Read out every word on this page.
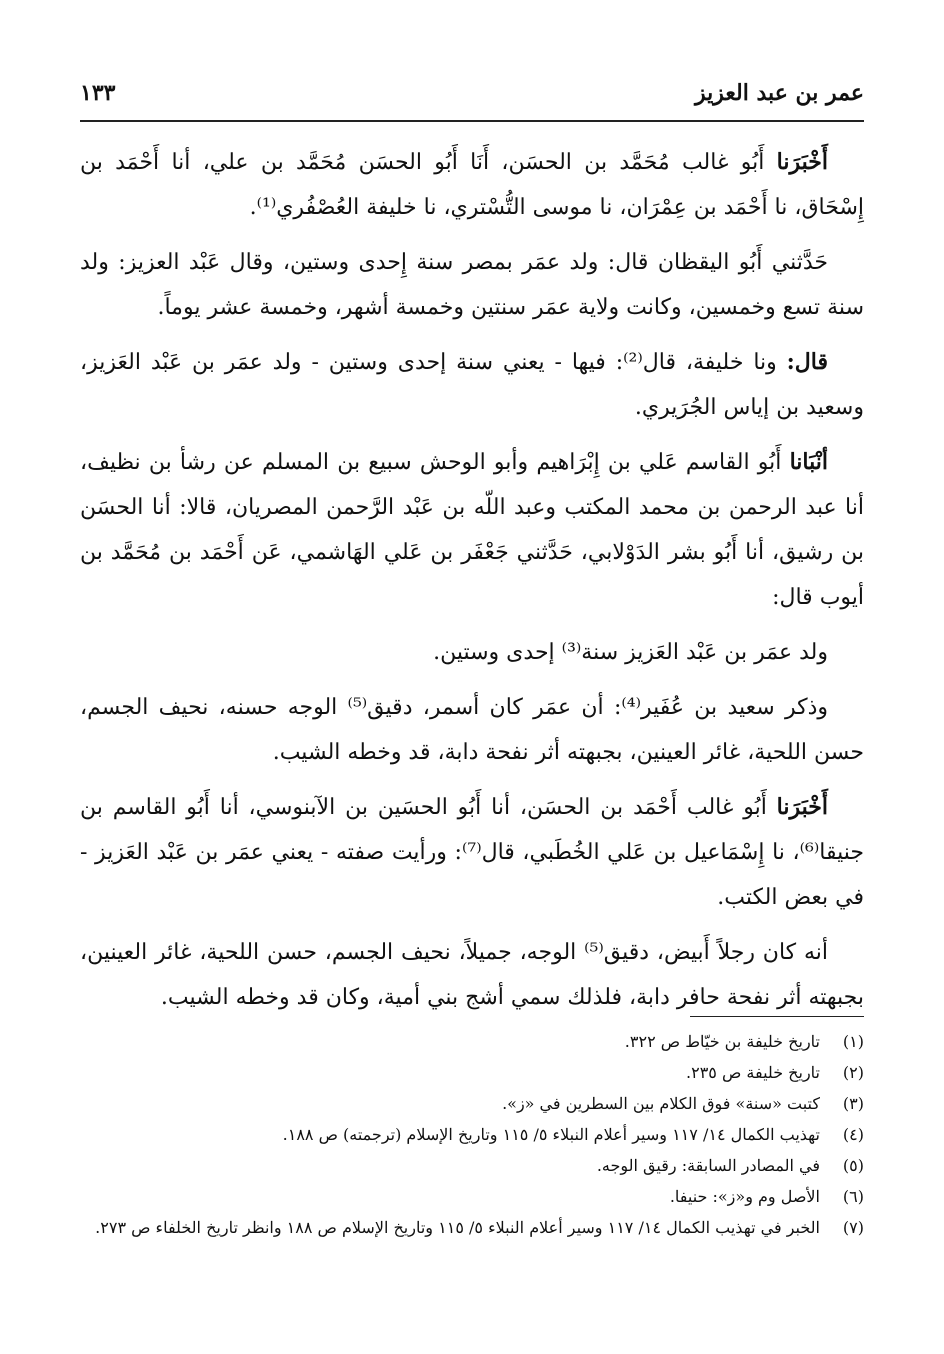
عمر بن عبد العزيز
١٣٣

أَخْبَرَنا أَبُو غالب مُحَمَّد بن الحسَن، أَنَا أَبُو الحسَن مُحَمَّد بن علي، أنا أَحْمَد بن إِسْحَاق، نا أَحْمَد بن عِمْرَان، نا موسى التُّسْتري، نا خليفة العُصْفُري⁽¹⁾.

حَدَّثني أَبُو اليقظان قال: ولد عمَر بمصر سنة إِحدى وستين، وقال عَبْد العزيز: ولد سنة تسع وخمسين، وكانت ولاية عمَر سنتين وخمسة أشهر، وخمسة عشر يوماً.

قال: ونا خليفة، قال⁽²⁾: فيها - يعني سنة إحدى وستين - ولد عمَر بن عَبْد العَزيز، وسعيد بن إياس الجُرَيري.

أنْبَانا أَبُو القاسم عَلي بن إِبْرَاهيم وأبو الوحش سبيع بن المسلم عن رشأ بن نظيف، أنا عبد الرحمن بن محمد المكتب وعبد اللّه بن عَبْد الرَّحمن المصريان، قالا: أنا الحسَن بن رشيق، أنا أَبُو بشر الدَوْلابي، حَدَّثني جَعْفَر بن عَلي الهَاشمي، عَن أَحْمَد بن مُحَمَّد بن أيوب قال:

ولد عمَر بن عَبْد العَزيز سنة⁽³⁾ إحدى وستين.

وذكر سعيد بن عُفَير⁽⁴⁾: أن عمَر كان أسمر، دقيق⁽⁵⁾ الوجه حسنه، نحيف الجسم، حسن اللحية، غائر العينين، بجبهته أثر نفحة دابة، قد وخطه الشيب.

أَخْبَرَنا أَبُو غالب أَحْمَد بن الحسَن، أنا أَبُو الحسَين بن الآبنوسي، أنا أَبُو القاسم بن جنيقا⁽⁶⁾، نا إِسْمَاعيل بن عَلي الخُطَبي، قال⁽⁷⁾: ورأيت صفته - يعني عمَر بن عَبْد العَزيز - في بعض الكتب.

أنه كان رجلاً أَبيض، دقيق⁽⁵⁾ الوجه، جميلاً، نحيف الجسم، حسن اللحية، غائر العينين، بجبهته أثر نفحة حافر دابة، فلذلك سمي أشج بني أمية، وكان قد وخطه الشيب.

(١)
تاريخ خليفة بن خيّاط ص ٣٢٢.
(٢)
تاريخ خليفة ص ٢٣٥.
(٣)
كتبت «سنة» فوق الكلام بين السطرين في «ز».
(٤)
تهذيب الكمال ١٤/ ١١٧ وسير أعلام النبلاء ٥/ ١١٥ وتاريخ الإسلام (ترجمته) ص ١٨٨.
(٥)
في المصادر السابقة: رقيق الوجه.
(٦)
الأصل وم و«ز»: حنيفا.
(٧)
الخبر في تهذيب الكمال ١٤/ ١١٧ وسير أعلام النبلاء ٥/ ١١٥ وتاريخ الإسلام ص ١٨٨ وانظر تاريخ الخلفاء ص ٢٧٣.
